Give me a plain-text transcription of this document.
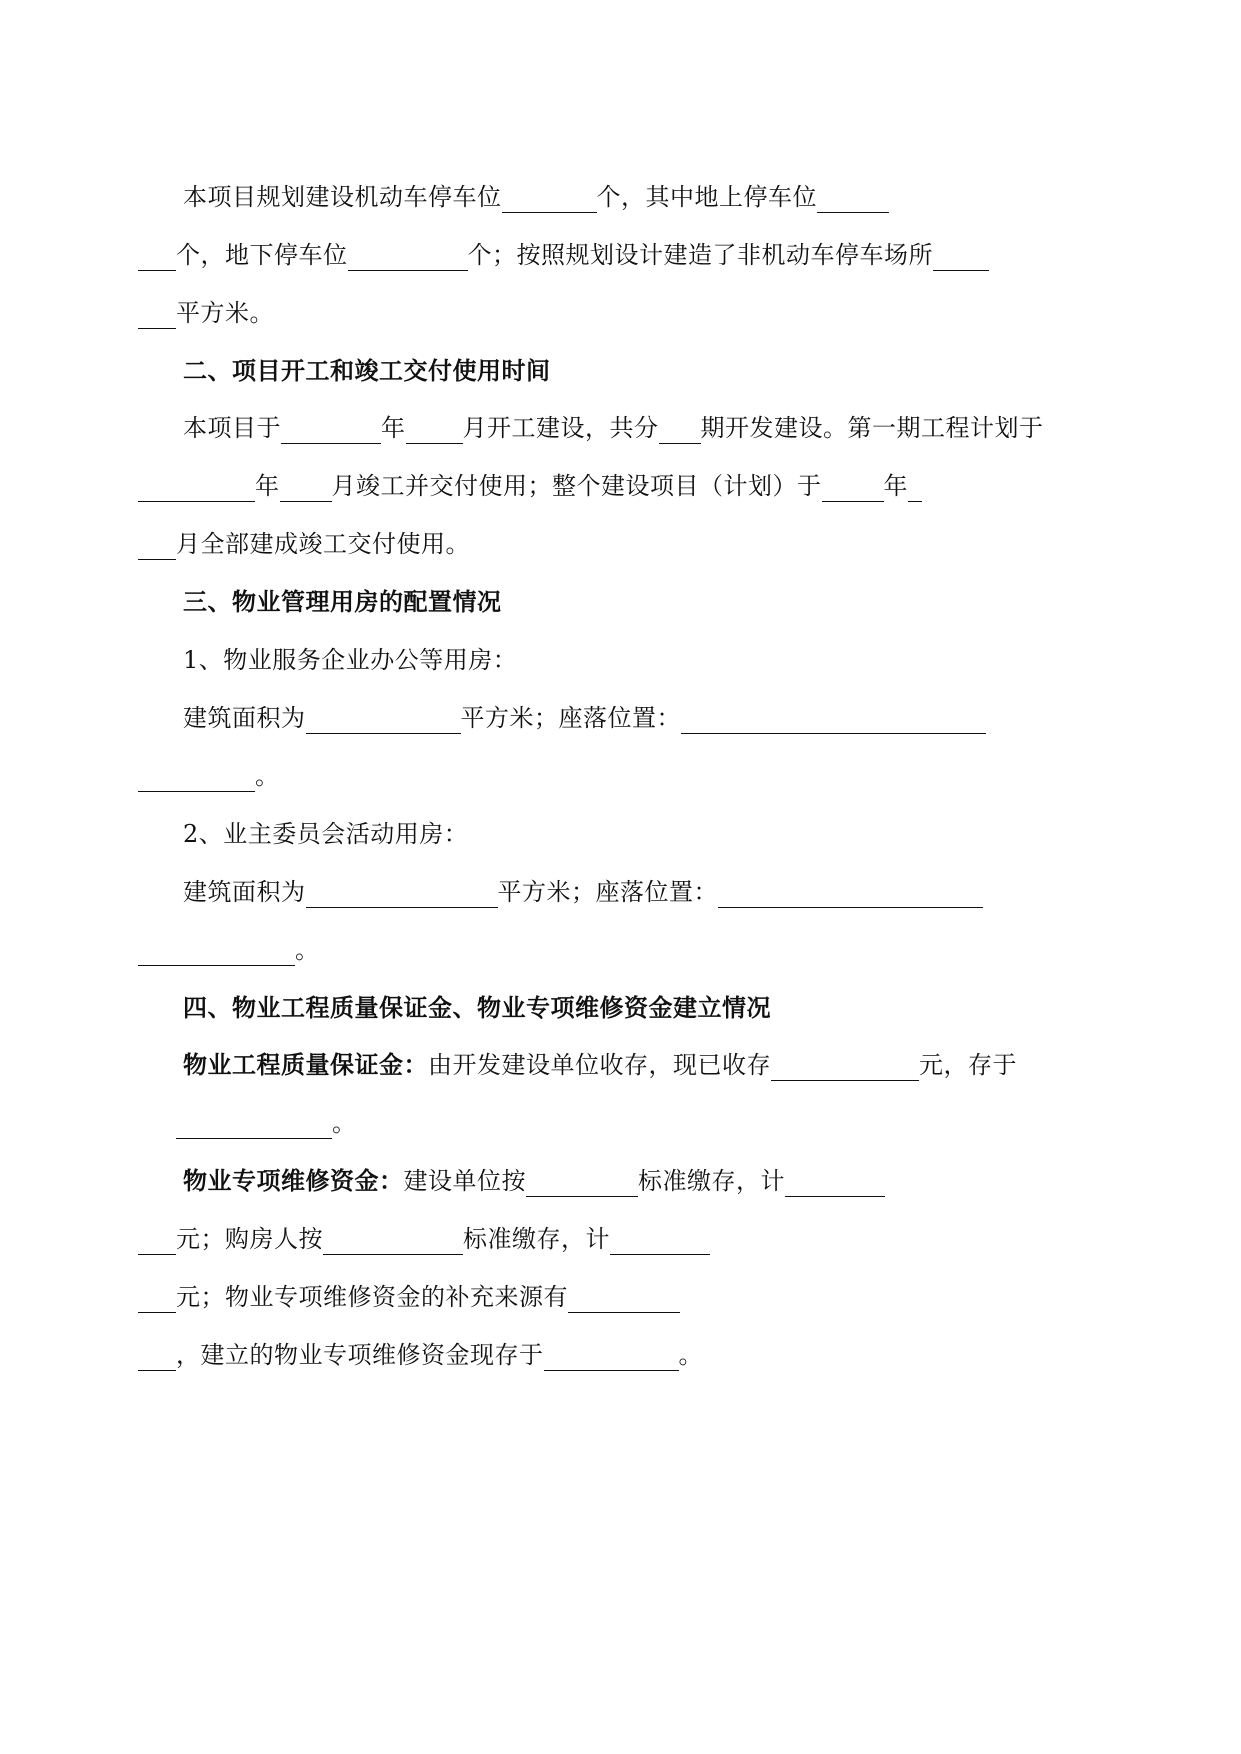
本项目规划建设机动车停车位	个，其中地上停车位

个，地下停车位	个；按照规划设计建造了非机动车停车场所

平方米。

二、项目开工和竣工交付使用时间

本项目于	年 月开工建设，共分 期开发建设。第一期工程计划于

年 月竣工并交付使用；整个建设项目（计划）于	年

月全部建成竣工交付使用。

三、物业管理用房的配置情况

1、物业服务企业办公等用房：

建筑面积为	平方米；座落位置：

。

2、业主委员会活动用房：

建筑面积为	平方米；座落位置：

。

四、物业工程质量保证金、物业专项维修资金建立情况

物业工程质量保证金：由开发建设单位收存，现已收存	元，存于

。

物业专项维修资金：建设单位按	标准缴存，计

元；购房人按	标准缴存，计

元；物业专项维修资金的补充来源有

，建立的物业专项维修资金现存于	。
